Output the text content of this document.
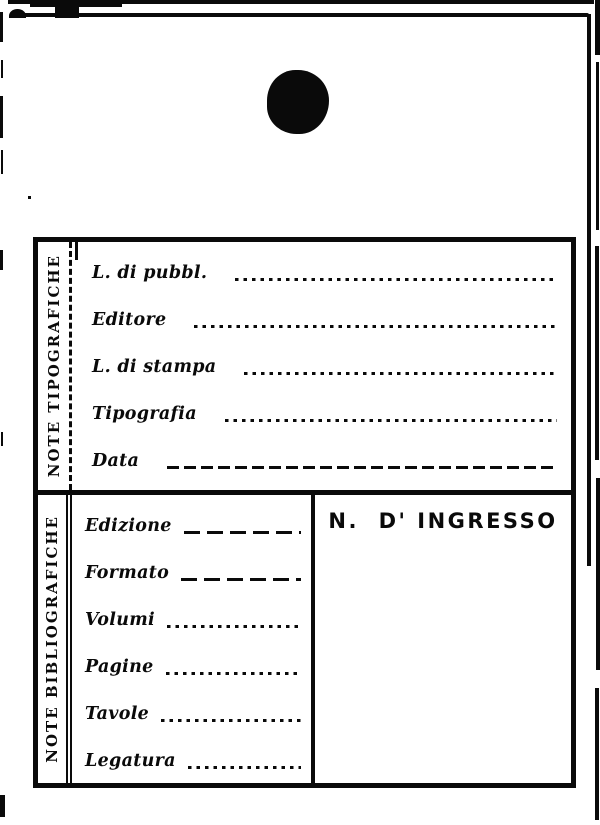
NOTE TIPOGRAFICHE L. di pubbl.
Editore
L. di stampa
Tipografia
Data
NOTE BIBLIOGRAFICHE Edizione
Formato
Volumi
Pagine
Tavole
Legatura
N.  D' INGRESSO
